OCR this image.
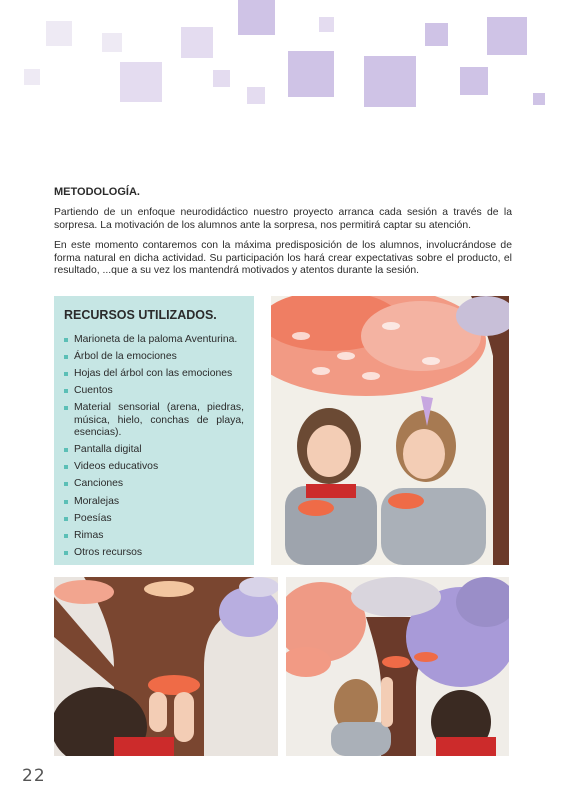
METODOLOGÍA.

Partiendo de un enfoque neurodidáctico nuestro proyecto arranca cada sesión a través de la sorpresa. La motivación de los alumnos ante la sorpresa, nos permitirá captar su atención.

En este momento contaremos con la máxima predisposición de los alumnos, involucrándose de forma natural en dicha actividad. Su participación los hará crear expectativas sobre el producto, el resultado, ...que a su vez los mantendrá motivados y atentos durante la sesión.

RECURSOS UTILIZADOS.
Marioneta de la paloma Aventurina.
Árbol de la emociones
Hojas del árbol con las emociones
Cuentos
Material sensorial (arena, piedras, música, hielo, conchas de playa, esencias).
Pantalla digital
Videos educativos
Canciones
Moralejas
Poesías
Rimas
Otros recursos
22
